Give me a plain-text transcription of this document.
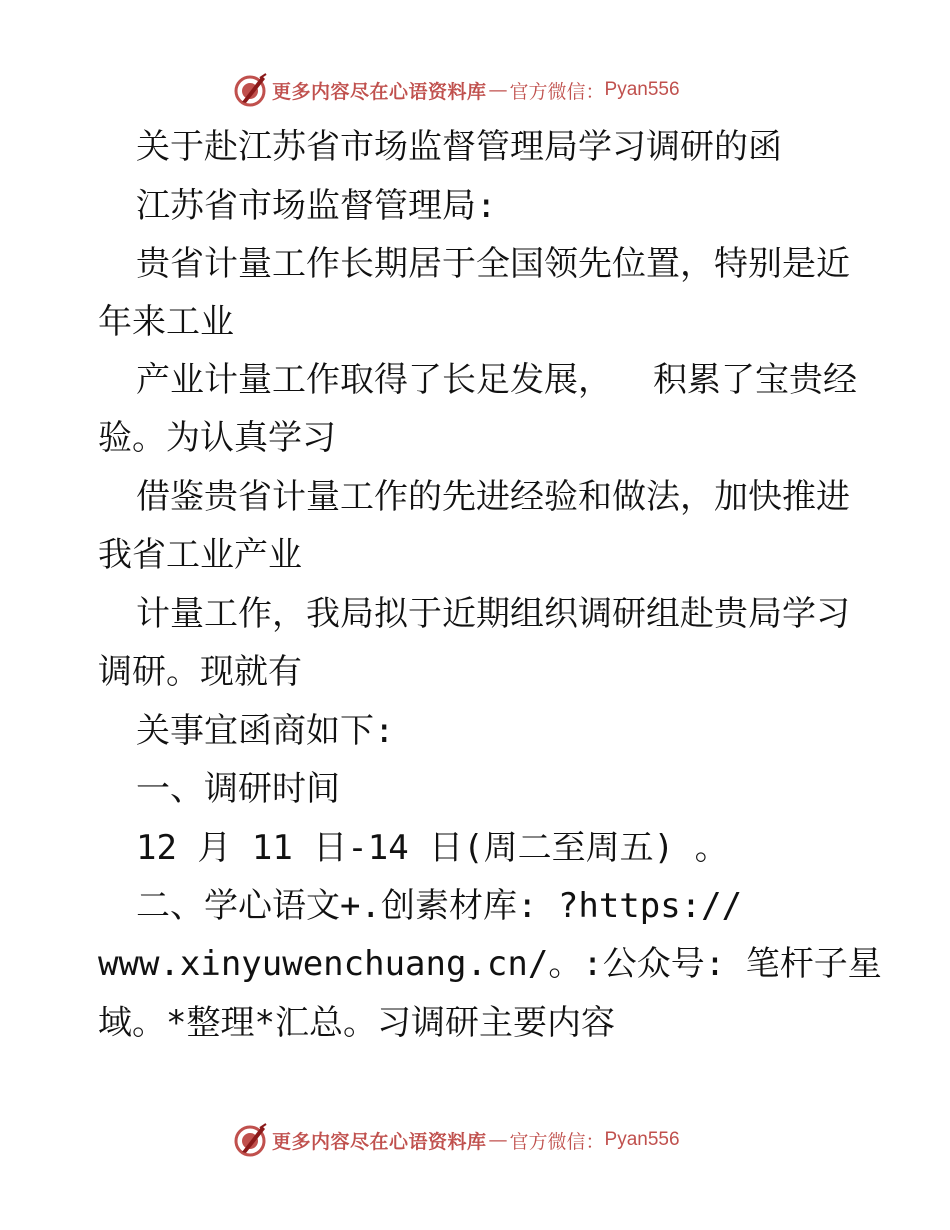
更多内容尽在心语资料库 — 官方微信： Pyan556
关于赴江苏省市场监督管理局学习调研的函
江苏省市场监督管理局:
贵省计量工作长期居于全国领先位置，特别是近
年来工业
产业计量工作取得了长足发展，  积累了宝贵经
验。为认真学习
借鉴贵省计量工作的先进经验和做法，加快推进
我省工业产业
计量工作，我局拟于近期组织调研组赴贵局学习
调研。现就有
关事宜函商如下:
一、调研时间
12 月 11 日-14 日(周二至周五) 。
二、学心语文+.创素材库: ?https://
www.xinyuwenchuang.cn/。:公众号: 笔杆子星
域。*整理*汇总。习调研主要内容
更多内容尽在心语资料库 — 官方微信： Pyan556
